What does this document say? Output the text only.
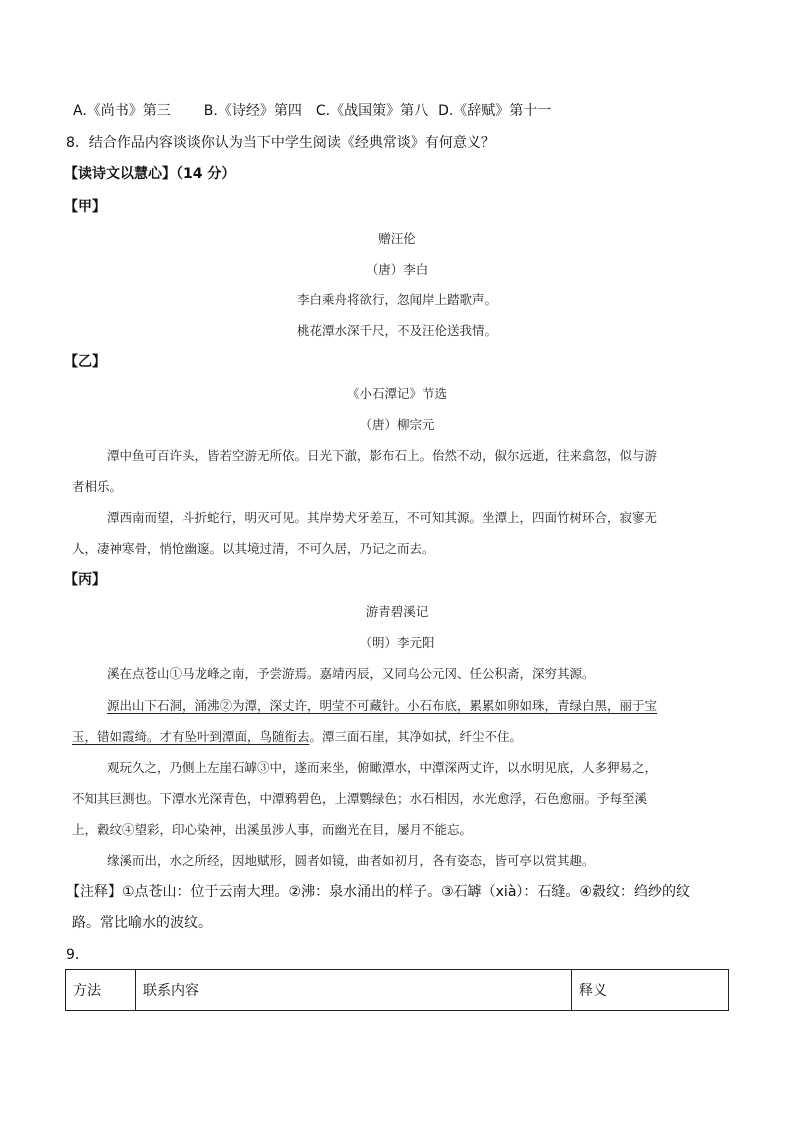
A.《尚书》第三 B.《诗经》第四 C.《战国策》第八 D.《辞赋》第十一
8．结合作品内容谈谈你认为当下中学生阅读《经典常谈》有何意义？
【读诗文以慧心】（14 分）
【甲】
赠汪伦
（唐）李白
李白乘舟将欲行，忽闻岸上踏歌声。
桃花潭水深千尺，不及汪伦送我情。
【乙】
《小石潭记》节选
（唐）柳宗元
潭中鱼可百许头，皆若空游无所依。日光下澈，影布石上。佁然不动，俶尔远逝，往来翕忽，似与游
者相乐。
潭西南而望，斗折蛇行，明灭可见。其岸势犬牙差互，不可知其源。坐潭上，四面竹树环合，寂寥无
人，凄神寒骨，悄怆幽邃。以其境过清，不可久居，乃记之而去。
【丙】
游青碧溪记
（明）李元阳
溪在点苍山①马龙峰之南，予尝游焉。嘉靖丙辰，又同乌公元冈、任公积斋，深穷其源。
源出山下石洞，涌沸②为潭，深丈许，明莹不可藏针。小石布底，累累如卵如珠，青绿白黑，丽于宝
玉，错如霞绮。才有坠叶到潭面，鸟随衔去。潭三面石崖，其净如拭，纤尘不住。
观玩久之，乃侧上左崖石罅③中，遂而来坐，俯瞰潭水，中潭深两丈许，以水明见底，人多狎易之，
不知其巨测也。下潭水光深青色，中潭鸦碧色，上潭鹦绿色；水石相因，水光愈浮，石色愈丽。予每至溪
上，縠纹④望彩，印心染神，出溪虽涉人事，而幽光在目，屡月不能忘。
缘溪而出，水之所经，因地赋形，圆者如镜，曲者如初月，各有姿态，皆可亭以赏其趣。
【注释】①点苍山：位于云南大理。②沸：泉水涌出的样子。③石罅（xià）：石缝。④縠纹：绉纱的纹
路。常比喻水的波纹。
9．
方法	联系内容	释义
